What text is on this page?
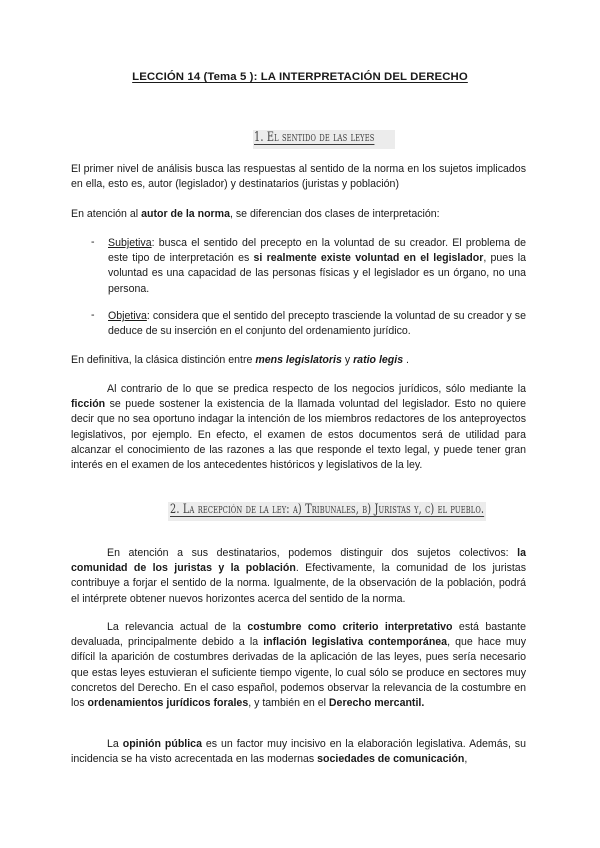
LECCIÓN 14 (Tema 5 ): LA INTERPRETACIÓN DEL DERECHO
1. El sentido de las leyes
El primer nivel de análisis busca las respuestas al sentido de la norma en los sujetos implicados en ella, esto es, autor (legislador) y destinatarios (juristas y población)
En atención al autor de la norma, se diferencian dos clases de interpretación:
- Subjetiva: busca el sentido del precepto en la voluntad de su creador. El problema de este tipo de interpretación es si realmente existe voluntad en el legislador, pues la voluntad es una capacidad de las personas físicas y el legislador es un órgano, no una persona.
- Objetiva: considera que el sentido del precepto trasciende la voluntad de su creador y se deduce de su inserción en el conjunto del ordenamiento jurídico.
En definitiva, la clásica distinción entre mens legislatoris y ratio legis .
Al contrario de lo que se predica respecto de los negocios jurídicos, sólo mediante la ficción se puede sostener la existencia de la llamada voluntad del legislador. Esto no quiere decir que no sea oportuno indagar la intención de los miembros redactores de los anteproyectos legislativos, por ejemplo. En efecto, el examen de estos documentos será de utilidad para alcanzar el conocimiento de las razones a las que responde el texto legal, y puede tener gran interés en el examen de los antecedentes históricos y legislativos de la ley.
2. La recepción de la ley: a) Tribunales, b) Juristas y, c) el pueblo.
En atención a sus destinatarios, podemos distinguir dos sujetos colectivos: la comunidad de los juristas y la población. Efectivamente, la comunidad de los juristas contribuye a forjar el sentido de la norma. Igualmente, de la observación de la población, podrá el intérprete obtener nuevos horizontes acerca del sentido de la norma.
La relevancia actual de la costumbre como criterio interpretativo está bastante devaluada, principalmente debido a la inflación legislativa contemporánea, que hace muy difícil la aparición de costumbres derivadas de la aplicación de las leyes, pues sería necesario que estas leyes estuvieran el suficiente tiempo vigente, lo cual sólo se produce en sectores muy concretos del Derecho. En el caso español, podemos observar la relevancia de la costumbre en los ordenamientos jurídicos forales, y también en el Derecho mercantil.
La opinión pública es un factor muy incisivo en la elaboración legislativa. Además, su incidencia se ha visto acrecentada en las modernas sociedades de comunicación,
